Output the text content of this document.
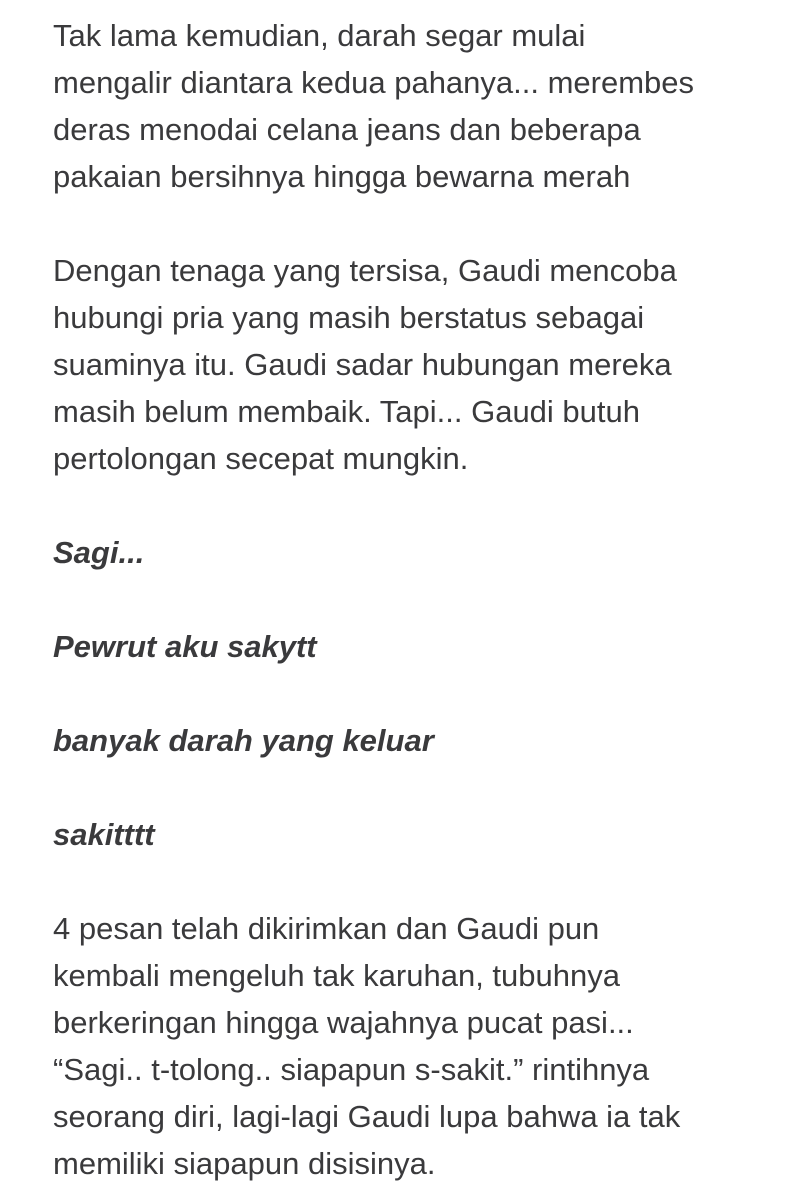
Tak lama kemudian, darah segar mulai
mengalir diantara kedua pahanya... merembes
deras menodai celana jeans dan beberapa
pakaian bersihnya hingga bewarna merah

Dengan tenaga yang tersisa, Gaudi mencoba
hubungi pria yang masih berstatus sebagai
suaminya itu. Gaudi sadar hubungan mereka
masih belum membaik. Tapi... Gaudi butuh
pertolongan secepat mungkin.

Sagi...

Pewrut aku sakytt

banyak darah yang keluar

sakitttt

4 pesan telah dikirimkan dan Gaudi pun
kembali mengeluh tak karuhan, tubuhnya
berkeringan hingga wajahnya pucat pasi...
“Sagi.. t-tolong.. siapapun s-sakit.” rintihnya
seorang diri, lagi-lagi Gaudi lupa bahwa ia tak
memiliki siapapun disisinya.
